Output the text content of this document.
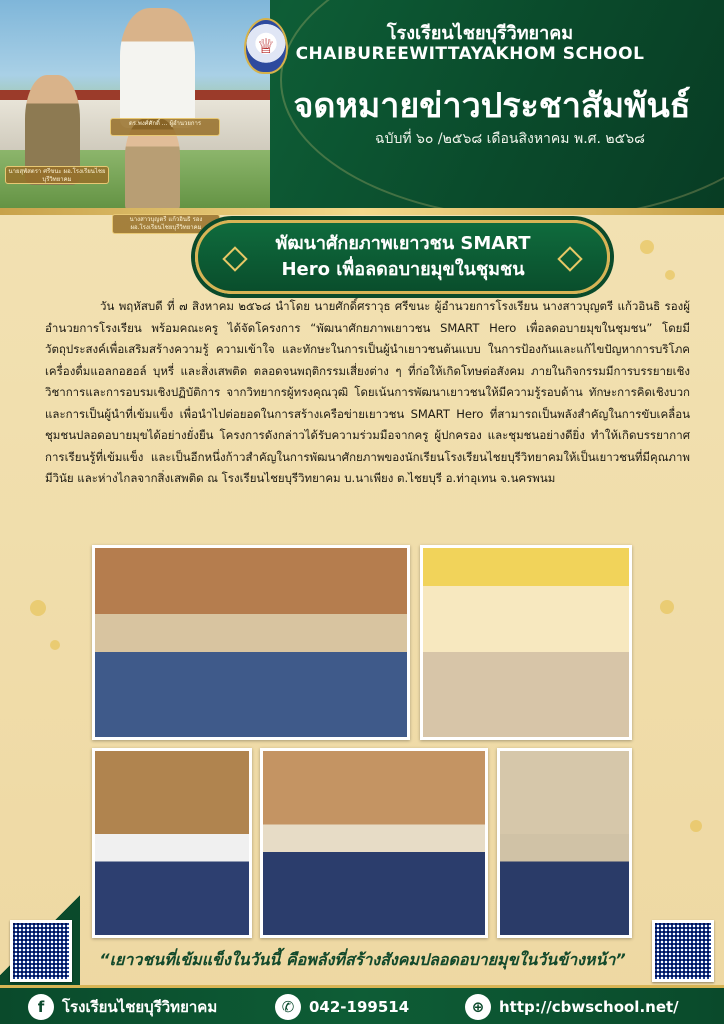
นายสุพัสตรา ศรีขนะ ผอ.โรงเรียนไชยบุรีวิทยาคม
ดร.พงศ์ศักดิ์ ... ผู้อำนวยการ
♕
โรงเรียนไชยบุรีวิทยาคม
CHAIBUREEWITTAYAKHOM SCHOOL
จดหมายข่าวประชาสัมพันธ์
ฉบับที่ ๖๐ /๒๕๖๘ เดือนสิงหาคม พ.ศ. ๒๕๖๘
นางสาวบุญตรี แก้วอินธิ รอง ผอ.โรงเรียนไชยบุรีวิทยาคม
พัฒนาศักยภาพเยาวชน SMART
Hero เพื่อลดอบายมุขในชุมชน
วัน พฤหัสบดี ที่ ๗ สิงหาคม ๒๕๖๘ นำโดย นายศักดิ์ศราวุธ ศรีขนะ ผู้อำนวยการโรงเรียน นางสาวบุญตรี แก้วอินธิ รองผู้อำนวยการโรงเรียน พร้อมคณะครู ได้จัดโครงการ “พัฒนาศักยภาพเยาวชน SMART Hero เพื่อลดอบายมุขในชุมชน” โดยมีวัตถุประสงค์เพื่อเสริมสร้างความรู้ ความเข้าใจ และทักษะในการเป็นผู้นำเยาวชนต้นแบบ ในการป้องกันและแก้ไขปัญหาการบริโภคเครื่องดื่มแอลกอฮอล์ บุหรี่ และสิ่งเสพติด ตลอดจนพฤติกรรมเสี่ยงต่าง ๆ ที่ก่อให้เกิดโทษต่อสังคม ภายในกิจกรรมมีการบรรยายเชิงวิชาการและการอบรมเชิงปฏิบัติการ จากวิทยากรผู้ทรงคุณวุฒิ โดยเน้นการพัฒนาเยาวชนให้มีความรู้รอบด้าน ทักษะการคิดเชิงบวก และการเป็นผู้นำที่เข้มแข็ง เพื่อนำไปต่อยอดในการสร้างเครือข่ายเยาวชน SMART Hero ที่สามารถเป็นพลังสำคัญในการขับเคลื่อนชุมชนปลอดอบายมุขได้อย่างยั่งยืน โครงการดังกล่าวได้รับความร่วมมือจากครู ผู้ปกครอง และชุมชนอย่างดียิ่ง ทำให้เกิดบรรยากาศการเรียนรู้ที่เข้มแข็ง และเป็นอีกหนึ่งก้าวสำคัญในการพัฒนาศักยภาพของนักเรียนโรงเรียนไชยบุรีวิทยาคมให้เป็นเยาวชนที่มีคุณภาพ มีวินัย และห่างไกลจากสิ่งเสพติด ณ โรงเรียนไชยบุรีวิทยาคม บ.นาเพียง ต.ไชยบุรี อ.ท่าอุเทน จ.นครพนม
“เยาวชนที่เข้มแข็งในวันนี้ คือพลังที่สร้างสังคมปลอดอบายมุขในวันข้างหน้า”
f	โรงเรียนไชยบุรีวิทยาคม	✆ 042-199514	⊕ http://cbwschool.net/
